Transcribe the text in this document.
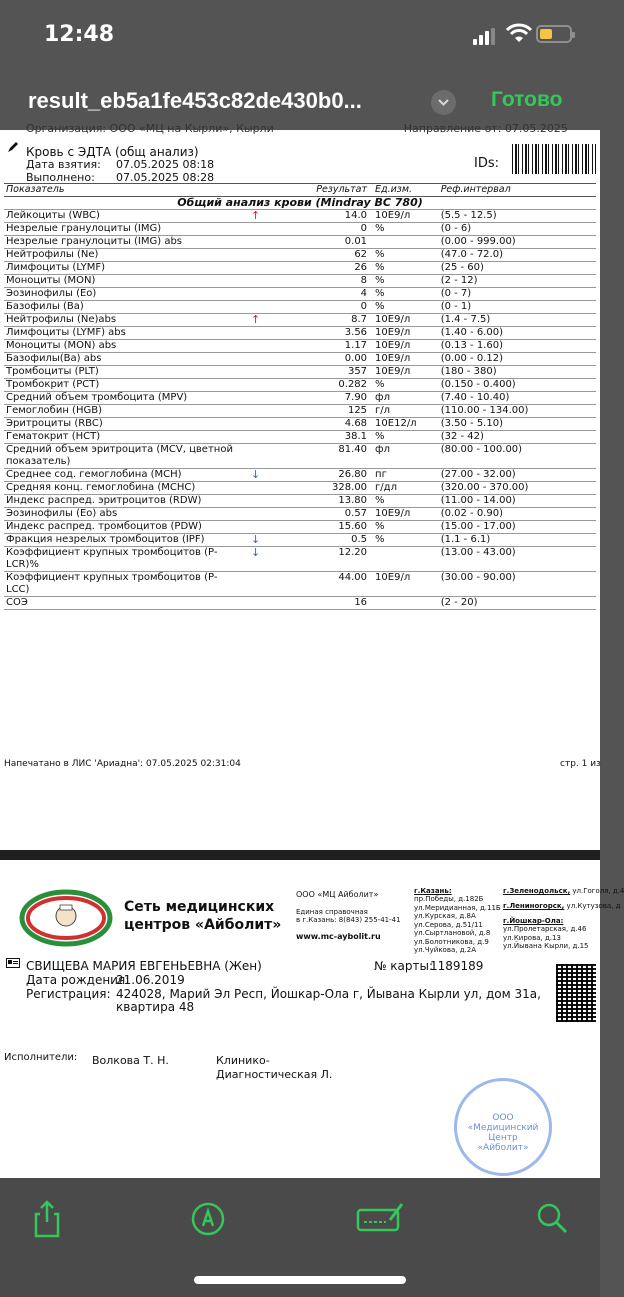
12:48
result_eb5a1fe453c82de430b0...	Готово
Организация: ООО «МЦ на Кырли», Кырли	Направление от: 07.05.2025
Кровь с ЭДТА (общ анализ)
Дата взятия: 07.05.2025 08:18
Выполнено: 07.05.2025 08:28
IDs:
Показатель		Результат	Ед.изм.	Реф.интервал
Общий анализ крови (Mindray BC 780)				
Лейкоциты (WBC)	↑	14.0	10Е9/л	(5.5 - 12.5)
Незрелые гранулоциты (IMG)		0	%	(0 - 6)
Незрелые гранулоциты (IMG) abs		0.01		(0.00 - 999.00)
Нейтрофилы (Ne)		62	%	(47.0 - 72.0)
Лимфоциты (LYMF)		26	%	(25 - 60)
Моноциты (MON)		8	%	(2 - 12)
Эозинофилы (Eo)		4	%	(0 - 7)
Базофилы (Ba)		0	%	(0 - 1)
Нейтрофилы (Ne)abs	↑	8.7	10Е9/л	(1.4 - 7.5)
Лимфоциты (LYMF) abs		3.56	10Е9/л	(1.40 - 6.00)
Моноциты (MON) abs		1.17	10Е9/л	(0.13 - 1.60)
Базофилы(Ba) abs		0.00	10Е9/л	(0.00 - 0.12)
Тромбоциты (PLT)		357	10Е9/л	(180 - 380)
Тромбокрит (PCT)		0.282	%	(0.150 - 0.400)
Средний объем тромбоцита (MPV)		7.90	фл	(7.40 - 10.40)
Гемоглобин (HGB)		125	г/л	(110.00 - 134.00)
Эритроциты (RBC)		4.68	10Е12/л	(3.50 - 5.10)
Гематокрит (HCT)		38.1	%	(32 - 42)
Средний объем эритроцита (MCV, цветной показатель)		81.40	фл	(80.00 - 100.00)
Среднее сод. гемоглобина (MCH)	↓	26.80	пг	(27.00 - 32.00)
Средняя конц. гемоглобина (MCHC)		328.00	г/дл	(320.00 - 370.00)
Индекс распред. эритроцитов (RDW)		13.80	%	(11.00 - 14.00)
Эозинофилы (Eo) abs		0.57	10Е9/л	(0.02 - 0.90)
Индекс распред. тромбоцитов (PDW)		15.60	%	(15.00 - 17.00)
Фракция незрелых тромбоцитов (IPF)	↓	0.5	%	(1.1 - 6.1)
Коэффициент крупных тромбоцитов (P-LCR)%	↓	12.20		(13.00 - 43.00)
Коэффициент крупных тромбоцитов (P-LCC)		44.00	10Е9/л	(30.00 - 90.00)
СОЭ		16		(2 - 20)
Напечатано в ЛИС 'Ариадна': 07.05.2025 02:31:04	стр. 1 из
Сеть медицинских центров «Айболит»
ООО «МЦ Айболит»
Единая справочная
в г.Казань: 8(843) 255-41-41
www.mc-aybolit.ru
г.Казань:
пр.Победы, д.182Б
ул.Меридианная, д.11Б
ул.Курская, д.8А
ул.Серова, д.51/11
ул.Сыртлановой, д.8
ул.Болотникова, д.9
ул.Чуйкова, д.2А
г.Зеленодольск, ул.Гоголя, д.4
г.Лениногорск, ул.Кутузова, д
г.Йошкар-Ола:
ул.Пролетарская, д.46
ул.Кирова, д.13
ул.Йывана Кырли, д.15
СВИЩЕВА МАРИЯ ЕВГЕНЬЕВНА (Жен)	№ карты:
1189189
Дата рождения:
21.06.2019
Регистрация: 424028, Марий Эл Респ, Йошкар-Ола г, Йывана Кырли ул, дом 31а,
квартира 48
Исполнители: Волкова Т. Н.	Клинико-
Диагностическая Л.
ООО
«Медицинский
Центр
«Айболит»
